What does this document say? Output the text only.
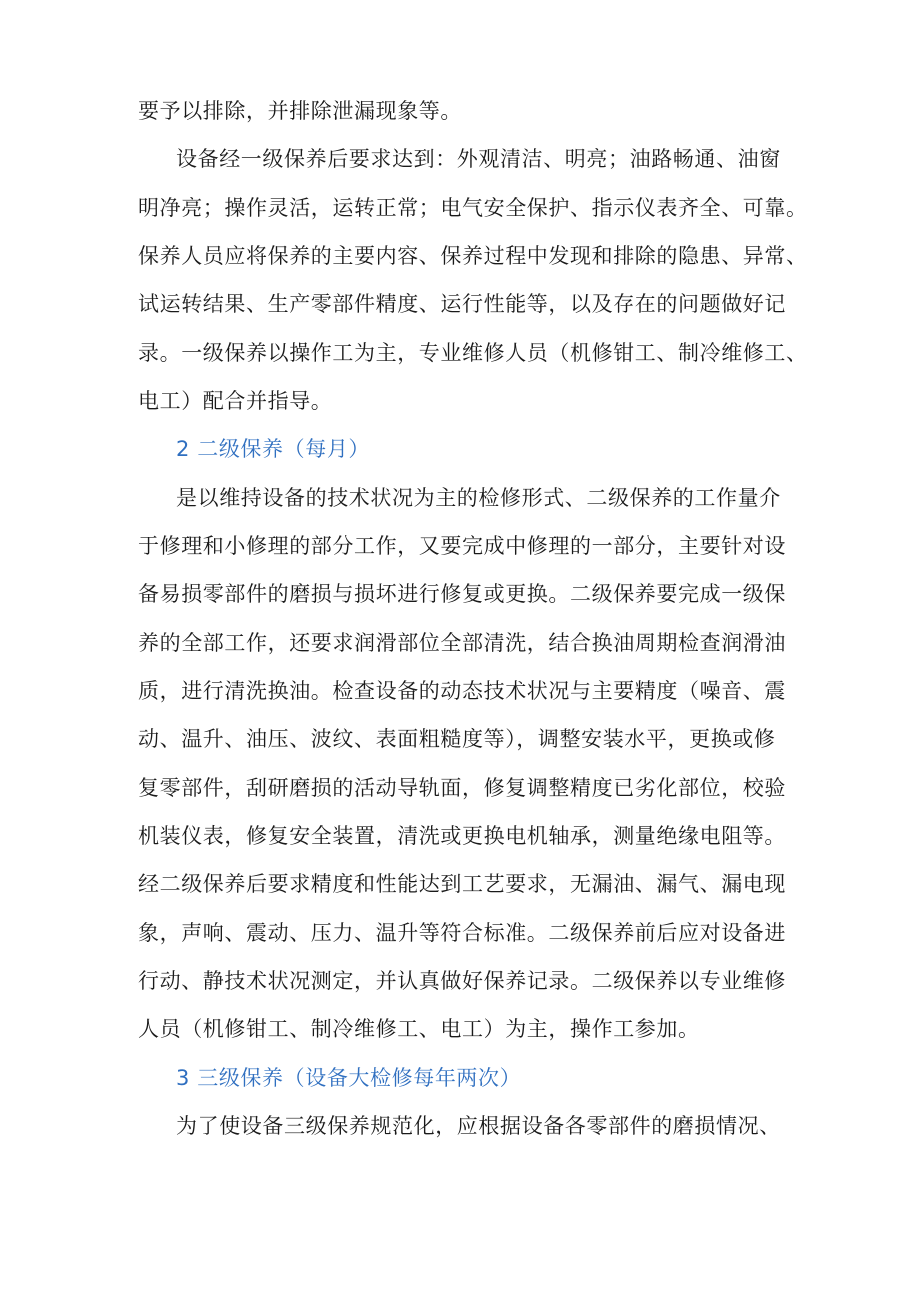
要予以排除，并排除泄漏现象等。
设备经一级保养后要求达到：外观清洁、明亮；油路畅通、油窗
明净亮；操作灵活，运转正常；电气安全保护、指示仪表齐全、可靠。
保养人员应将保养的主要内容、保养过程中发现和排除的隐患、异常、
试运转结果、生产零部件精度、运行性能等，以及存在的问题做好记
录。一级保养以操作工为主，专业维修人员（机修钳工、制冷维修工、
电工）配合并指导。
2 二级保养（每月）
是以维持设备的技术状况为主的检修形式、二级保养的工作量介
于修理和小修理的部分工作，又要完成中修理的一部分，主要针对设
备易损零部件的磨损与损坏进行修复或更换。二级保养要完成一级保
养的全部工作，还要求润滑部位全部清洗，结合换油周期检查润滑油
质，进行清洗换油。检查设备的动态技术状况与主要精度（噪音、震
动、温升、油压、波纹、表面粗糙度等），调整安装水平，更换或修
复零部件，刮研磨损的活动导轨面，修复调整精度已劣化部位，校验
机装仪表，修复安全装置，清洗或更换电机轴承，测量绝缘电阻等。
经二级保养后要求精度和性能达到工艺要求，无漏油、漏气、漏电现
象，声响、震动、压力、温升等符合标准。二级保养前后应对设备进
行动、静技术状况测定，并认真做好保养记录。二级保养以专业维修
人员（机修钳工、制冷维修工、电工）为主，操作工参加。
3 三级保养（设备大检修每年两次）
为了使设备三级保养规范化，应根据设备各零部件的磨损情况、
